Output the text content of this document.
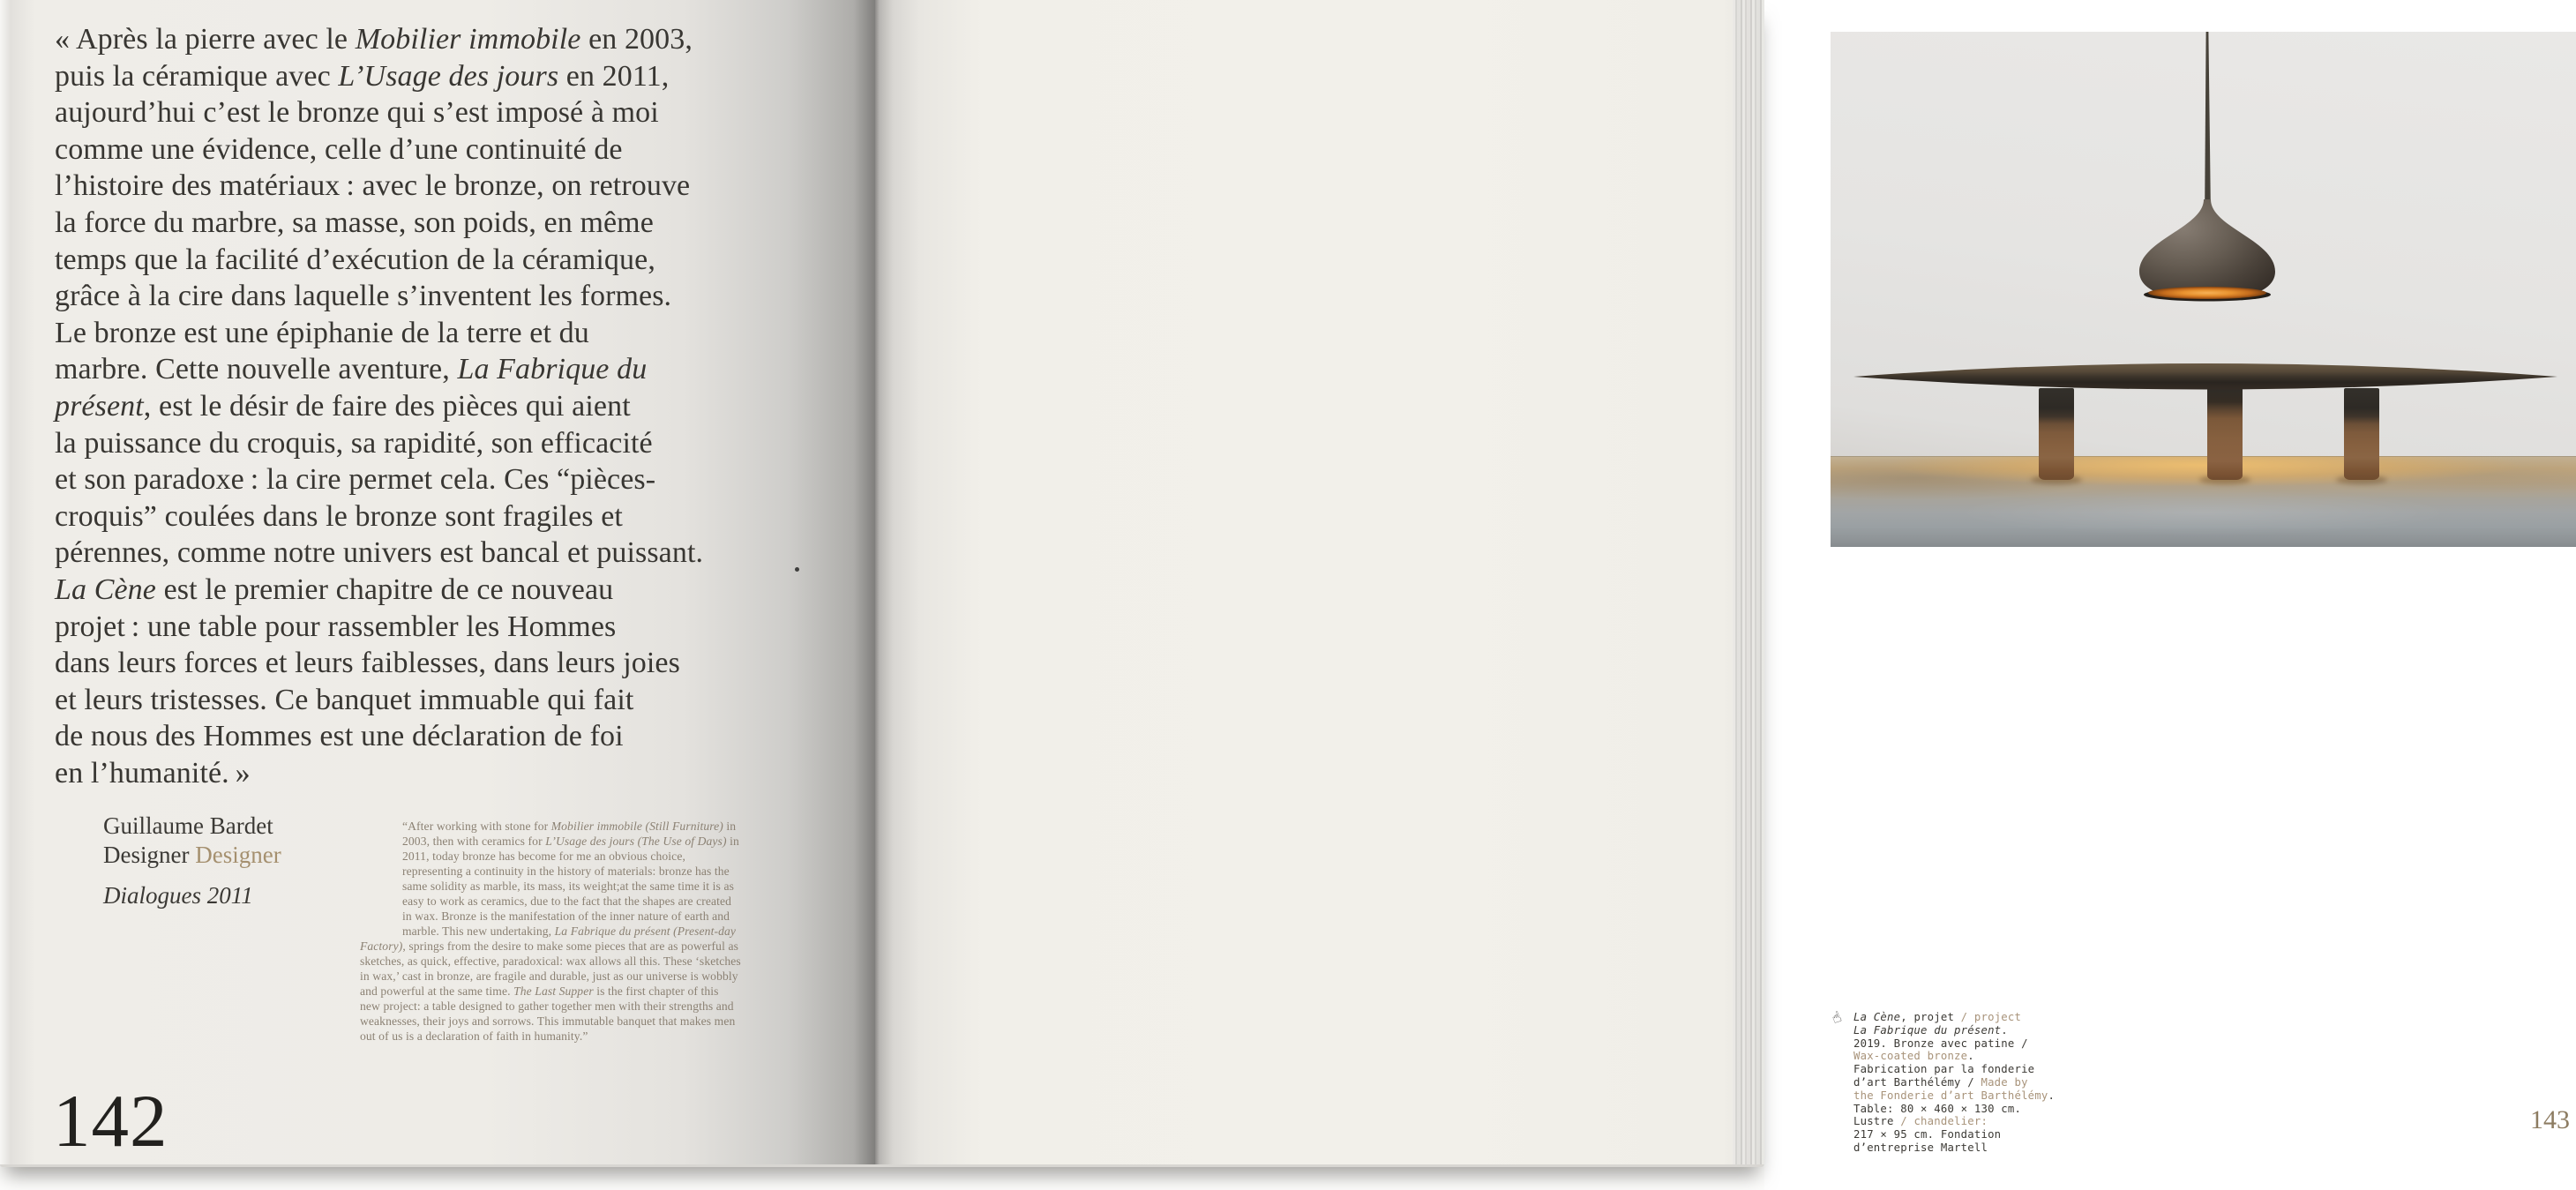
« Après la pierre avec le Mobilier immobile en 2003,
puis la céramique avec L’Usage des jours en 2011,
aujourd’hui c’est le bronze qui s’est imposé à moi
comme une évidence, celle d’une continuité de
l’histoire des matériaux : avec le bronze, on retrouve
la force du marbre, sa masse, son poids, en même
temps que la facilité d’exécution de la céramique,
grâce à la cire dans laquelle s’inventent les formes.
Le bronze est une épiphanie de la terre et du
marbre. Cette nouvelle aventure, La Fabrique du
présent, est le désir de faire des pièces qui aient
la puissance du croquis, sa rapidité, son efficacité
et son paradoxe : la cire permet cela. Ces “pièces-
croquis” coulées dans le bronze sont fragiles et
pérennes, comme notre univers est bancal et puissant.
La Cène est le premier chapitre de ce nouveau
projet : une table pour rassembler les Hommes
dans leurs forces et leurs faiblesses, dans leurs joies
et leurs tristesses. Ce banquet immuable qui fait
de nous des Hommes est une déclaration de foi
en l’humanité. »
Guillaume Bardet
Designer Designer
Dialogues 2011
“After working with stone for Mobilier immobile (Still Furniture) in 2003, then with ceramics for L’Usage des jours (The Use of Days) in 2011, today bronze has become for me an obvious choice, representing a continuity in the history of materials: bronze has the same solidity as marble, its mass, its weight;at the same time it is as easy to work as ceramics, due to the fact that the shapes are created in wax. Bronze is the manifestation of the inner nature of earth and marble. This new undertaking, La Fabrique du présent (Present-day Factory), springs from the desire to make some pieces that are as powerful as sketches, as quick, effective, paradoxical: wax allows all this. These ‘sketches in wax,’ cast in bronze, are fragile and durable, just as our universe is wobbly and powerful at the same time. The Last Supper is the first chapter of this new project: a table designed to gather together men with their strengths and weaknesses, their joys and sorrows. This immutable banquet that makes men out of us is a declaration of faith in humanity.”
142
☝ La Cène, projet / project
La Fabrique du présent.
2019. Bronze avec patine /
Wax-coated bronze.
Fabrication par la fonderie
d’art Barthélémy / Made by
the Fonderie d’art Barthélémy.
Table: 80 × 460 × 130 cm.
Lustre / chandelier:
217 × 95 cm. Fondation
d’entreprise Martell
143
